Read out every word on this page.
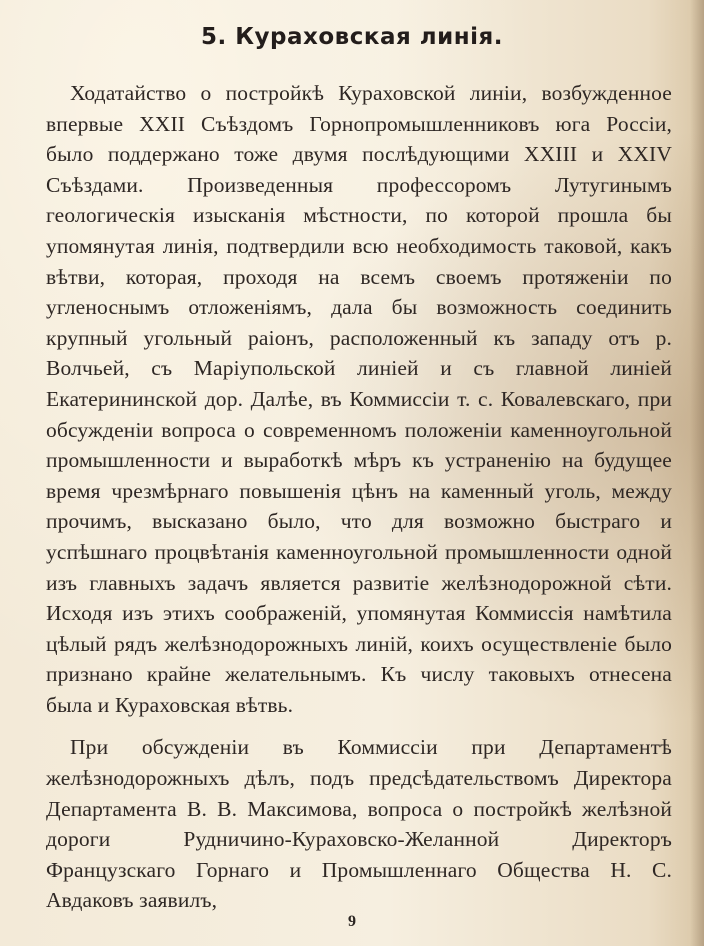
5. Кураховская линiя.

Ходатайство о постройкѣ Кураховской линiи, возбужденное впервые XXII Съѣздомъ Горнопромышленниковъ юга Россiи, было поддержано тоже двумя послѣдующими XXIII и XXIV Съѣздами. Произведенныя профессоромъ Лутугинымъ геологическiя изысканiя мѣстности, по которой прошла бы упомянутая линiя, подтвердили всю необходимость таковой, какъ вѣтви, которая, проходя на всемъ своемъ протяженiи по угленоснымъ отложенiямъ, дала бы возможность соединить крупный угольный раiонъ, расположенный къ западу отъ р. Волчьей, съ Марiупольской линiей и съ главной линiей Екатерининской дор. Далѣе, въ Коммиссiи т. с. Ковалевскаго, при обсужденiи вопроса о современномъ положенiи каменноугольной промышленности и выработкѣ мѣръ къ устраненiю на будущее время чрезмѣрнаго повышенiя цѣнъ на каменный уголь, между прочимъ, высказано было, что для возможно быстраго и успѣшнаго процвѣтанiя каменноугольной промышленности одной изъ главныхъ задачъ является развитiе желѣзнодорожной сѣти. Исходя изъ этихъ соображенiй, упомянутая Коммиссiя намѣтила цѣлый рядъ желѣзнодорожныхъ линiй, коихъ осуществленiе было признано крайне желательнымъ. Къ числу таковыхъ отнесена была и Кураховская вѣтвь.

При обсужденiи въ Коммиссiи при Департаментѣ желѣзнодорожныхъ дѣлъ, подъ предсѣдательствомъ Директора Департамента В. В. Максимова, вопроса о постройкѣ желѣзной дороги Рудничино-Кураховско-Желанной Директоръ Французскаго Горнаго и Промышленнаго Общества Н. С. Авдаковъ заявилъ,

9
